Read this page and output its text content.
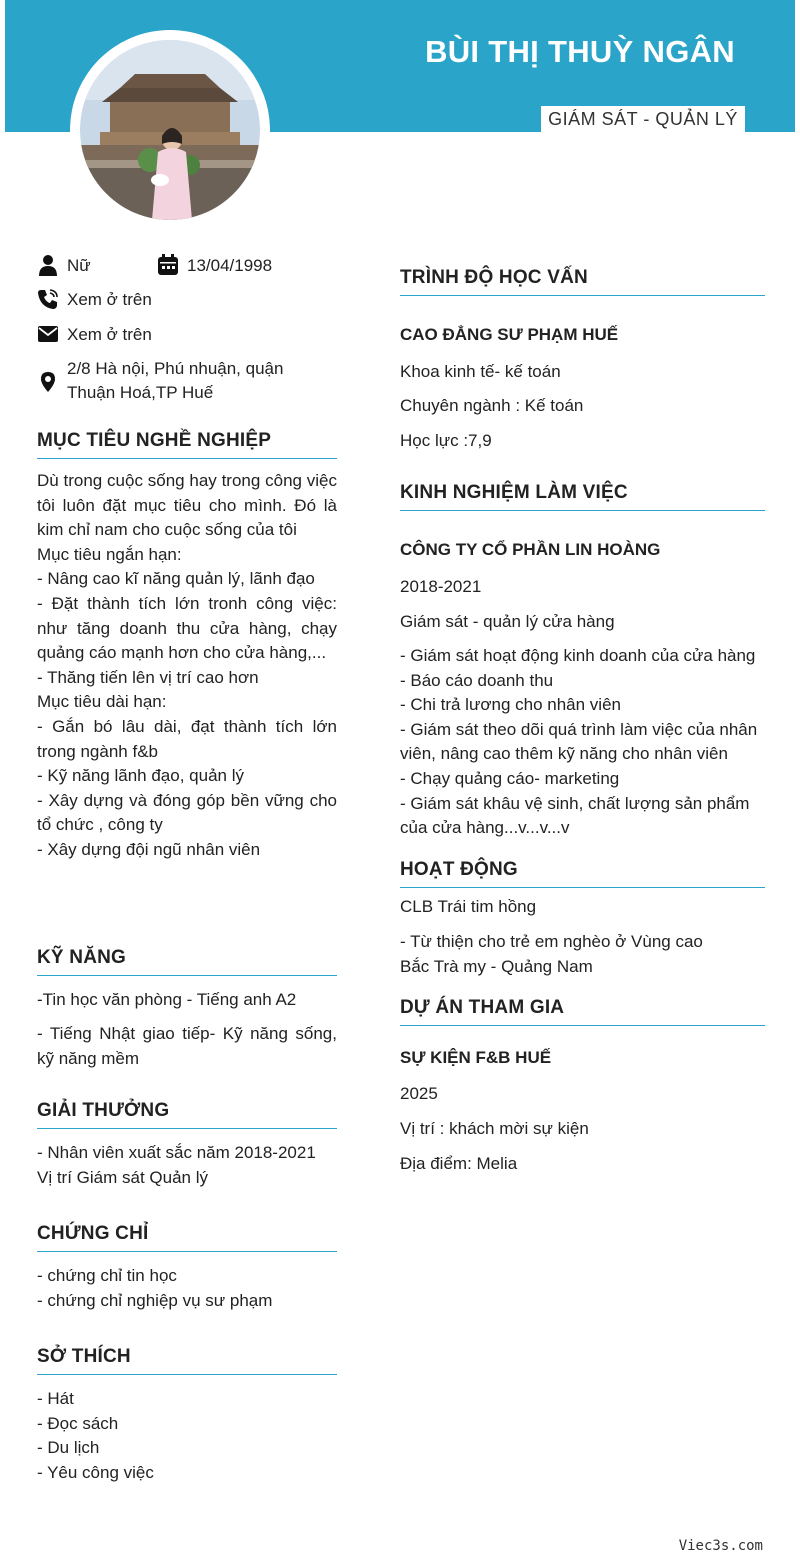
BÙI THỊ THUỲ NGÂN
GIÁM SÁT - QUẢN LÝ
Nữ	13/04/1998
Xem ở trên
Xem ở trên
2/8 Hà nội, Phú nhuận, quận
Thuận Hoá,TP Huế
MỤC TIÊU NGHỀ NGHIỆP
Dù trong cuộc sống hay trong công việc tôi luôn đặt mục tiêu cho mình. Đó là kim chỉ nam cho cuộc sống của tôi
Mục tiêu ngắn hạn:
- Nâng cao kĩ năng quản lý, lãnh đạo
- Đặt thành tích lớn tronh công việc: như tăng doanh thu cửa hàng, chạy quảng cáo mạnh hơn cho cửa hàng,...
- Thăng tiến lên vị trí cao hơn
Mục tiêu dài hạn:
- Gắn bó lâu dài, đạt thành tích lớn trong ngành f&b
- Kỹ năng lãnh đạo, quản lý
- Xây dựng và đóng góp bền vững cho tổ chức , công ty
- Xây dựng đội ngũ nhân viên
KỸ NĂNG
-Tin học văn phòng - Tiếng anh A2
- Tiếng Nhật giao tiếp- Kỹ năng sống, kỹ năng mềm
GIẢI THƯỞNG
- Nhân viên xuất sắc năm 2018-2021
Vị trí Giám sát Quản lý
CHỨNG CHỈ
- chứng chỉ tin học
- chứng chỉ nghiệp vụ sư phạm
SỞ THÍCH
- Hát
- Đọc sách
- Du lịch
- Yêu công việc
TRÌNH ĐỘ HỌC VẤN
CAO ĐẲNG SƯ PHẠM HUẾ
Khoa kinh tế- kế toán
Chuyên ngành : Kế toán
Học lực :7,9
KINH NGHIỆM LÀM VIỆC
CÔNG TY CỔ PHẦN LIN HOÀNG
2018-2021
Giám sát - quản lý cửa hàng
- Giám sát hoạt động kinh doanh của cửa hàng
- Báo cáo doanh thu
- Chi trả lương cho nhân viên
- Giám sát theo dõi quá trình làm việc của nhân viên, nâng cao thêm kỹ năng cho nhân viên
- Chạy quảng cáo- marketing
- Giám sát khâu vệ sinh, chất lượng sản phẩm của cửa hàng...v...v...v
HOẠT ĐỘNG
CLB Trái tim hồng
- Từ thiện cho trẻ em nghèo ở Vùng cao
Bắc Trà my - Quảng Nam
DỰ ÁN THAM GIA
SỰ KIỆN F&B HUẾ
2025
Vị trí : khách mời sự kiện
Địa điểm: Melia
Viec3s.com
